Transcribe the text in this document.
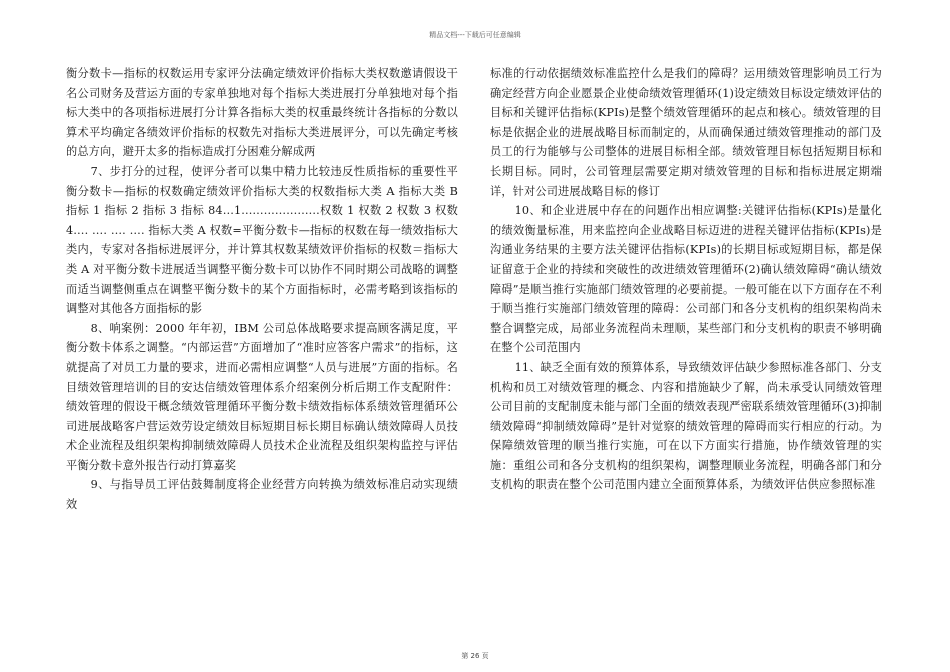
精品文档---下载后可任意编辑

衡分数卡—指标的权数运用专家评分法确定绩效评价指标大类权数邀请假设干名公司财务及营运方面的专家单独地对每个指标大类进展打分单独地对每个指标大类中的各项指标进展打分计算各指标大类的权重最终统计各指标的分数以算术平均确定各绩效评价指标的权数先对指标大类进展评分，可以先确定考核的总方向，避开太多的指标造成打分困难分解成两

7、步打分的过程，使评分者可以集中精力比较违反性质指标的重要性平衡分数卡—指标的权数确定绩效评价指标大类的权数指标大类 A 指标大类 B 指标 1 指标 2 指标 3 指标 84…1...…...…...…...权数 1 权数 2 权数 3 权数 4…. …. …. …. 指标大类 A 权数=平衡分数卡—指标的权数在每一绩效指标大类内，专家对各指标进展评分，并计算其权数某绩效评价指标的权数＝指标大类 A 对平衡分数卡进展适当调整平衡分数卡可以协作不同时期公司战略的调整而适当调整侧重点在调整平衡分数卡的某个方面指标时，必需考略到该指标的调整对其他各方面指标的影

8、响案例：2000 年年初，IBM 公司总体战略要求提高顾客满足度，平衡分数卡体系之调整。“内部运营”方面增加了“准时应答客户需求”的指标，这就提高了对员工力量的要求，进而必需相应调整“人员与进展”方面的指标。名目绩效管理培训的目的安达信绩效管理体系介绍案例分析后期工作支配附件：绩效管理的假设干概念绩效管理循环平衡分数卡绩效指标体系绩效管理循环公司进展战略客户营运效劳设定绩效目标短期目标长期目标确认绩效障碍人员技术企业流程及组织架构抑制绩效障碍人员技术企业流程及组织架构监控与评估平衡分数卡意外报告行动打算嘉奖

9、与指导员工评估鼓舞制度将企业经营方向转换为绩效标准启动实现绩效

标准的行动依据绩效标准监控什么是我们的障碍？运用绩效管理影响员工行为确定经营方向企业愿景企业使命绩效管理循环(1)设定绩效目标设定绩效评估的目标和关键评估指标(KPIs)是整个绩效管理循环的起点和核心。绩效管理的目标是依据企业的进展战略目标而制定的，从而确保通过绩效管理推动的部门及员工的行为能够与公司整体的进展目标相全部。绩效管理目标包括短期目标和长期目标。同时，公司管理层需要定期对绩效管理的目标和指标进展定期端详，针对公司进展战略目标的修订

10、和企业进展中存在的问题作出相应调整:关键评估指标(KPIs)是量化的绩效衡量标准，用来监控向企业战略目标迈进的进程关键评估指标(KPIs)是沟通业务结果的主要方法关键评估指标(KPIs)的长期目标或短期目标，都是保证留意于企业的持续和突破性的改进绩效管理循环(2)确认绩效障碍“确认绩效障碍”是顺当推行实施部门绩效管理的必要前提。一般可能在以下方面存在不利于顺当推行实施部门绩效管理的障碍：公司部门和各分支机构的组织架构尚未整合调整完成，局部业务流程尚未理顺，某些部门和分支机构的职责不够明确在整个公司范围内

11、缺乏全面有效的预算体系，导致绩效评估缺少参照标准各部门、分支机构和员工对绩效管理的概念、内容和措施缺少了解，尚未承受认同绩效管理公司目前的支配制度未能与部门全面的绩效表现严密联系绩效管理循环(3)抑制绩效障碍“抑制绩效障碍”是针对觉察的绩效管理的障碍而实行相应的行动。为保障绩效管理的顺当推行实施，可在以下方面实行措施，协作绩效管理的实施：重组公司和各分支机构的组织架构，调整理顺业务流程，明确各部门和分支机构的职责在整个公司范围内建立全面预算体系，为绩效评估供应参照标准

第 26 页
